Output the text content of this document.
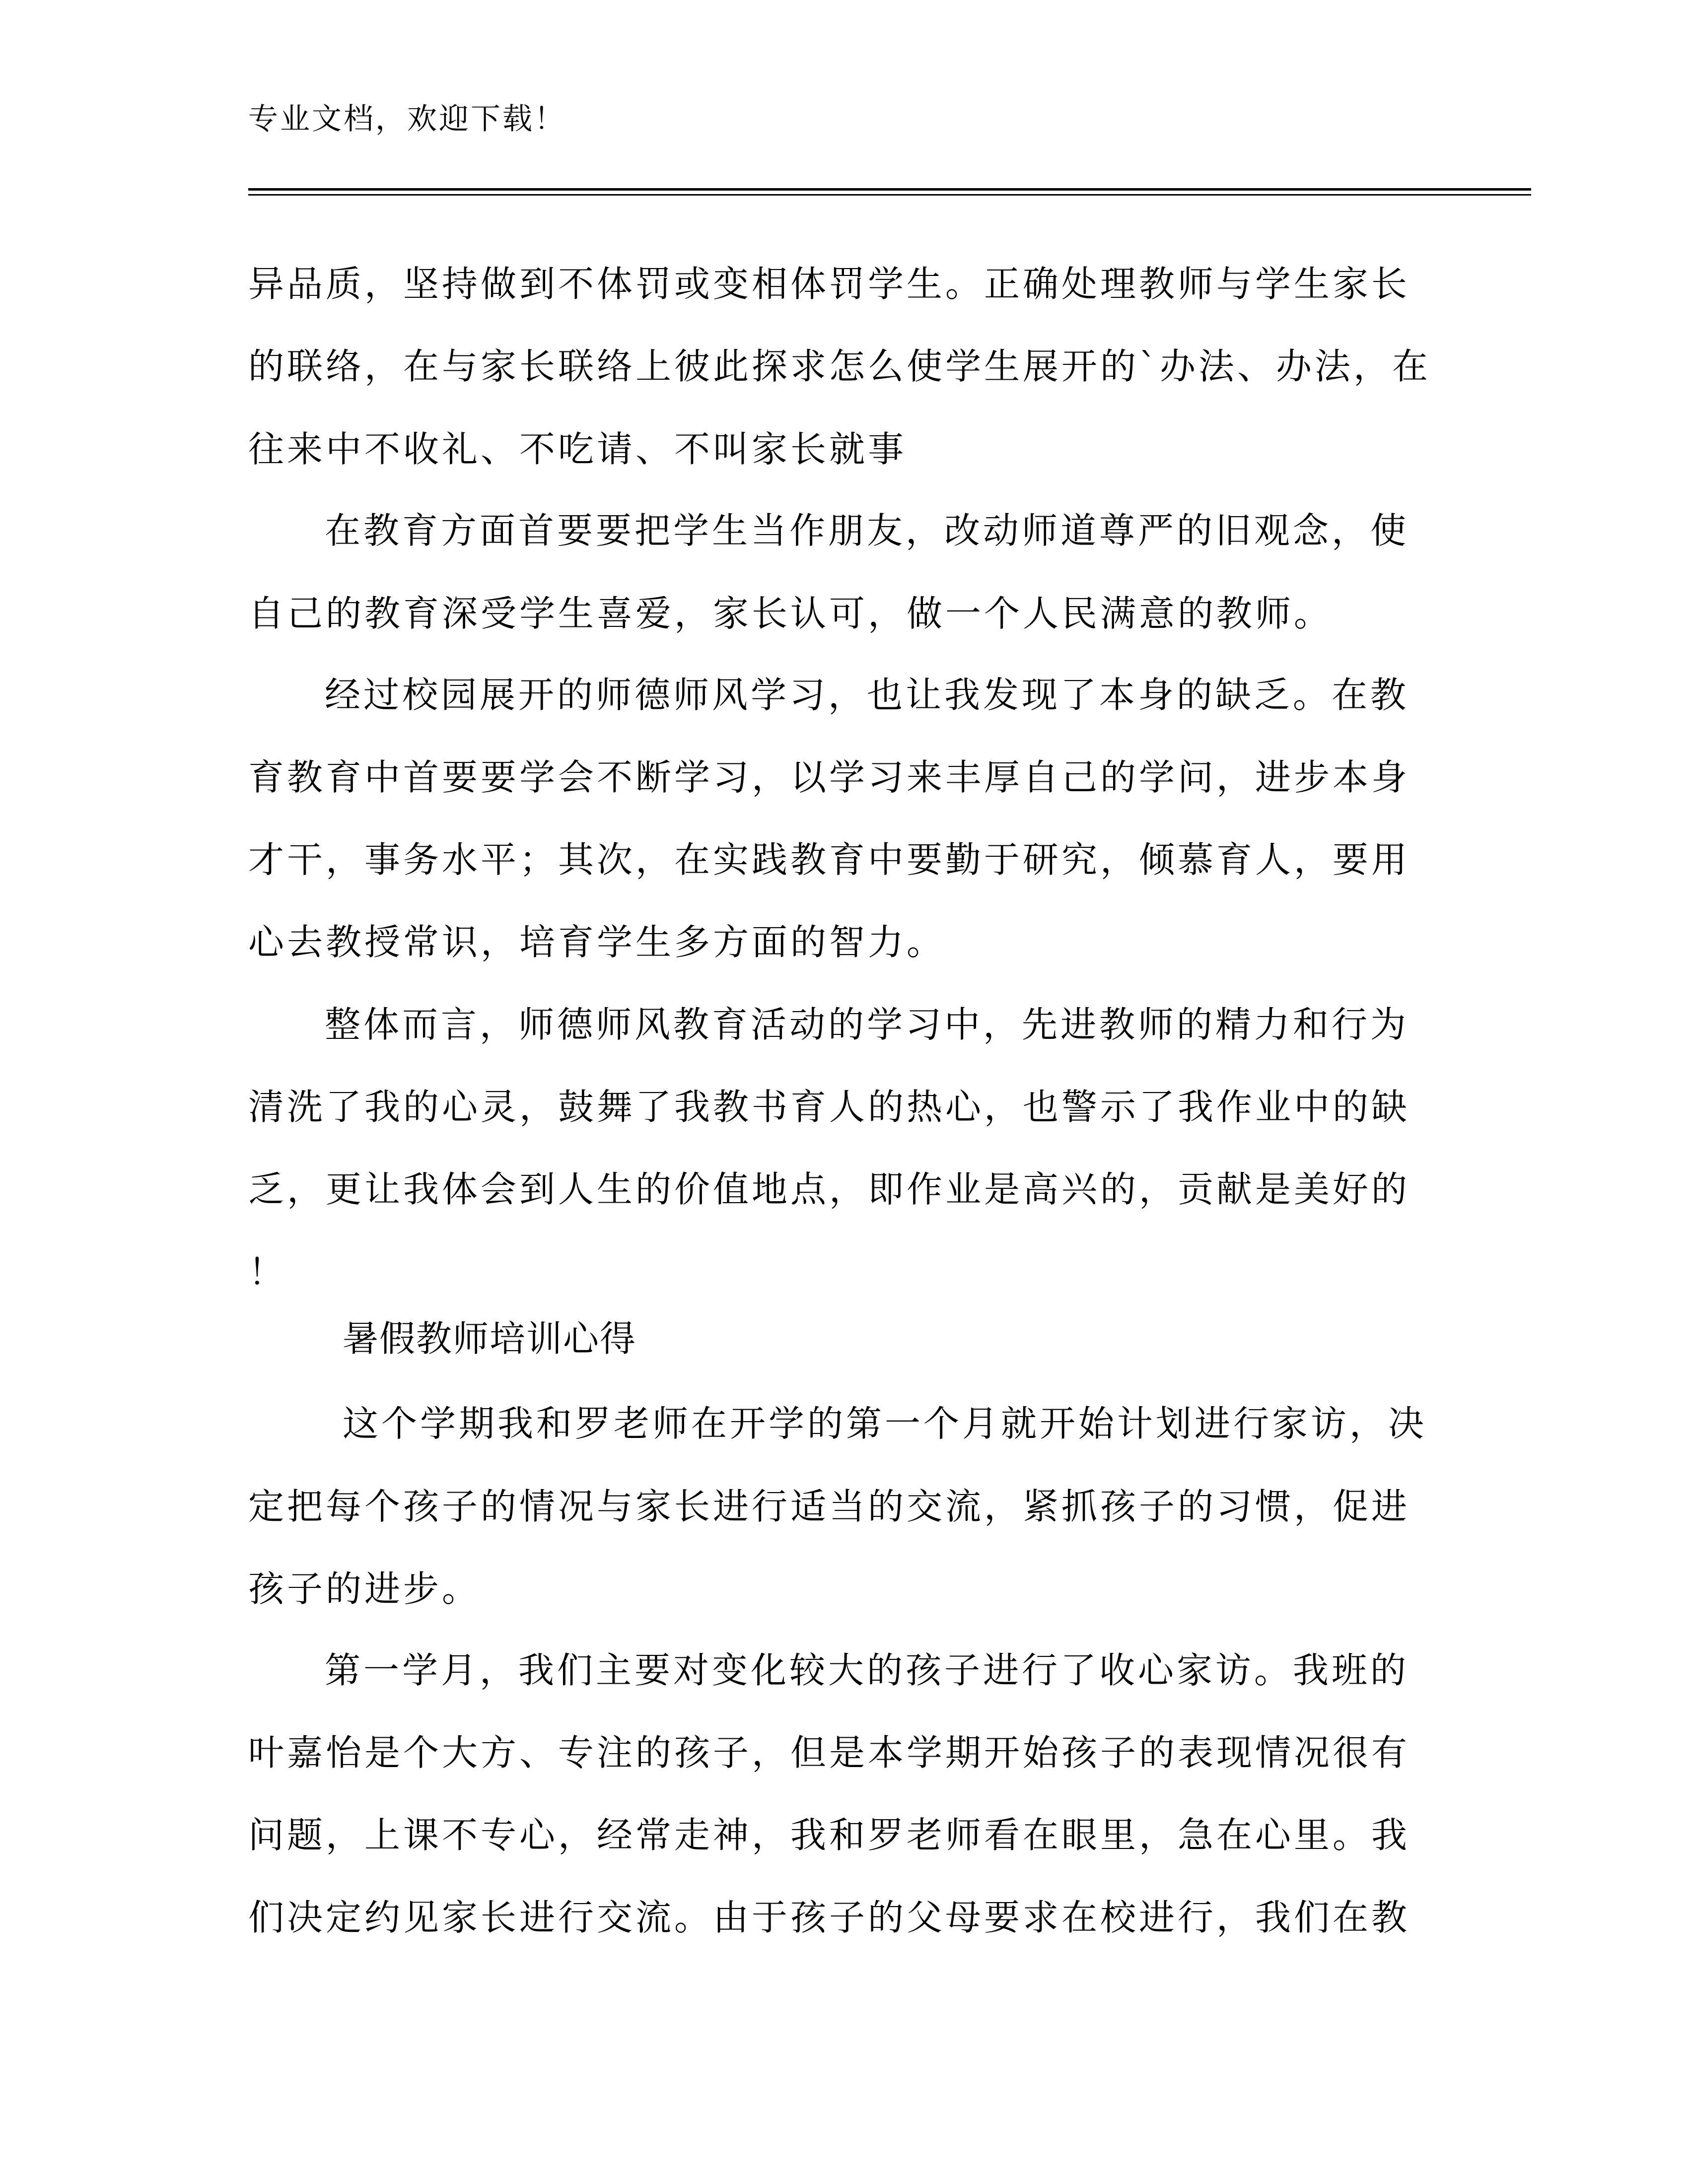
专业文档，欢迎下载！
异品质，坚持做到不体罚或变相体罚学生。正确处理教师与学生家长
的联络，在与家长联络上彼此探求怎么使学生展开的`办法、办法，在
往来中不收礼、不吃请、不叫家长就事
在教育方面首要要把学生当作朋友，改动师道尊严的旧观念，使
自己的教育深受学生喜爱，家长认可，做一个人民满意的教师。
经过校园展开的师德师风学习，也让我发现了本身的缺乏。在教
育教育中首要要学会不断学习，以学习来丰厚自己的学问，进步本身
才干，事务水平；其次，在实践教育中要勤于研究，倾慕育人，要用
心去教授常识，培育学生多方面的智力。
整体而言，师德师风教育活动的学习中，先进教师的精力和行为
清洗了我的心灵，鼓舞了我教书育人的热心，也警示了我作业中的缺
乏，更让我体会到人生的价值地点，即作业是高兴的，贡献是美好的
！
暑假教师培训心得
这个学期我和罗老师在开学的第一个月就开始计划进行家访，决
定把每个孩子的情况与家长进行适当的交流，紧抓孩子的习惯，促进
孩子的进步。
第一学月，我们主要对变化较大的孩子进行了收心家访。我班的
叶嘉怡是个大方、专注的孩子，但是本学期开始孩子的表现情况很有
问题，上课不专心，经常走神，我和罗老师看在眼里，急在心里。我
们决定约见家长进行交流。由于孩子的父母要求在校进行，我们在教
